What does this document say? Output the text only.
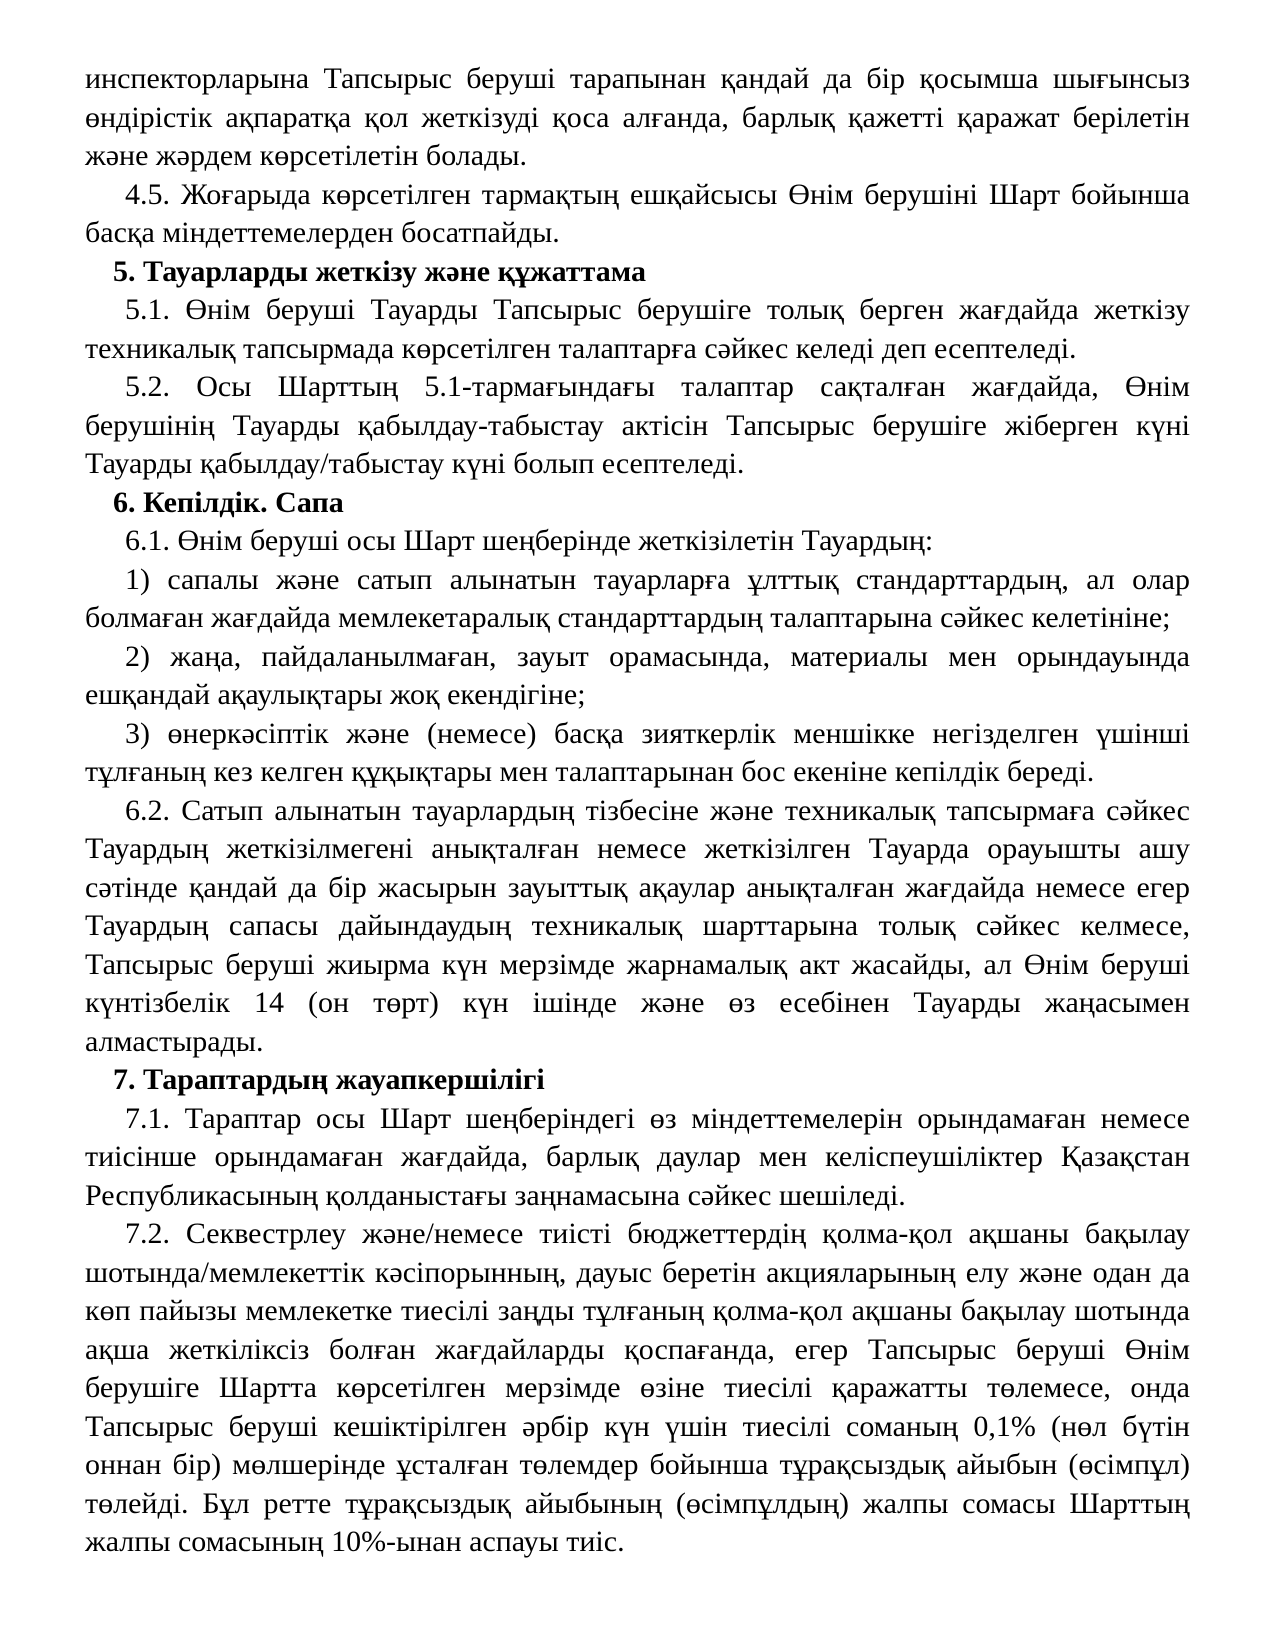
инспекторларына Тапсырыс беруші тарапынан қандай да бір қосымша шығынсыз өндірістік ақпаратқа қол жеткізуді қоса алғанда, барлық қажетті қаражат берілетін және жәрдем көрсетілетін болады.

4.5. Жоғарыда көрсетілген тармақтың ешқайсысы Өнім берушіні Шарт бойынша басқа міндеттемелерден босатпайды.

5. Тауарларды жеткізу және құжаттама

5.1. Өнім беруші Тауарды Тапсырыс берушіге толық берген жағдайда жеткізу техникалық тапсырмада көрсетілген талаптарға сәйкес келеді деп есептеледі.

5.2. Осы Шарттың 5.1-тармағындағы талаптар сақталған жағдайда, Өнім берушінің Тауарды қабылдау-табыстау актісін Тапсырыс берушіге жіберген күні Тауарды қабылдау/табыстау күні болып есептеледі.

6. Кепілдік. Сапа

6.1. Өнім беруші осы Шарт шеңберінде жеткізілетін Тауардың:

1) сапалы және сатып алынатын тауарларға ұлттық стандарттардың, ал олар болмаған жағдайда мемлекетаралық стандарттардың талаптарына сәйкес келетініне;

2) жаңа, пайдаланылмаған, зауыт орамасында, материалы мен орындауында ешқандай ақаулықтары жоқ екендігіне;

3) өнеркәсіптік және (немесе) басқа зияткерлік меншікке негізделген үшінші тұлғаның кез келген құқықтары мен талаптарынан бос екеніне кепілдік береді.

6.2. Сатып алынатын тауарлардың тізбесіне және техникалық тапсырмаға сәйкес Тауардың жеткізілмегені анықталған немесе жеткізілген Тауарда орауышты ашу сәтінде қандай да бір жасырын зауыттық ақаулар анықталған жағдайда немесе егер Тауардың сапасы дайындаудың техникалық шарттарына толық сәйкес келмесе, Тапсырыс беруші жиырма күн мерзімде жарнамалық акт жасайды, ал Өнім беруші күнтізбелік 14 (он төрт) күн ішінде және өз есебінен Тауарды жаңасымен алмастырады.

7. Тараптардың жауапкершілігі

7.1. Тараптар осы Шарт шеңберіндегі өз міндеттемелерін орындамаған немесе тиісінше орындамаған жағдайда, барлық даулар мен келіспеушіліктер Қазақстан Республикасының қолданыстағы заңнамасына сәйкес шешіледі.

7.2. Секвестрлеу және/немесе тиісті бюджеттердің қолма-қол ақшаны бақылау шотында/мемлекеттік кәсіпорынның, дауыс беретін акцияларының елу және одан да көп пайызы мемлекетке тиесілі заңды тұлғаның қолма-қол ақшаны бақылау шотында ақша жеткіліксіз болған жағдайларды қоспағанда, егер Тапсырыс беруші Өнім берушіге Шартта көрсетілген мерзімде өзіне тиесілі қаражатты төлемесе, онда Тапсырыс беруші кешіктірілген әрбір күн үшін тиесілі соманың 0,1% (нөл бүтін оннан бір) мөлшерінде ұсталған төлемдер бойынша тұрақсыздық айыбын (өсімпұл) төлейді. Бұл ретте тұрақсыздық айыбының (өсімпұлдың) жалпы сомасы Шарттың жалпы сомасының 10%-ынан аспауы тиіс.
